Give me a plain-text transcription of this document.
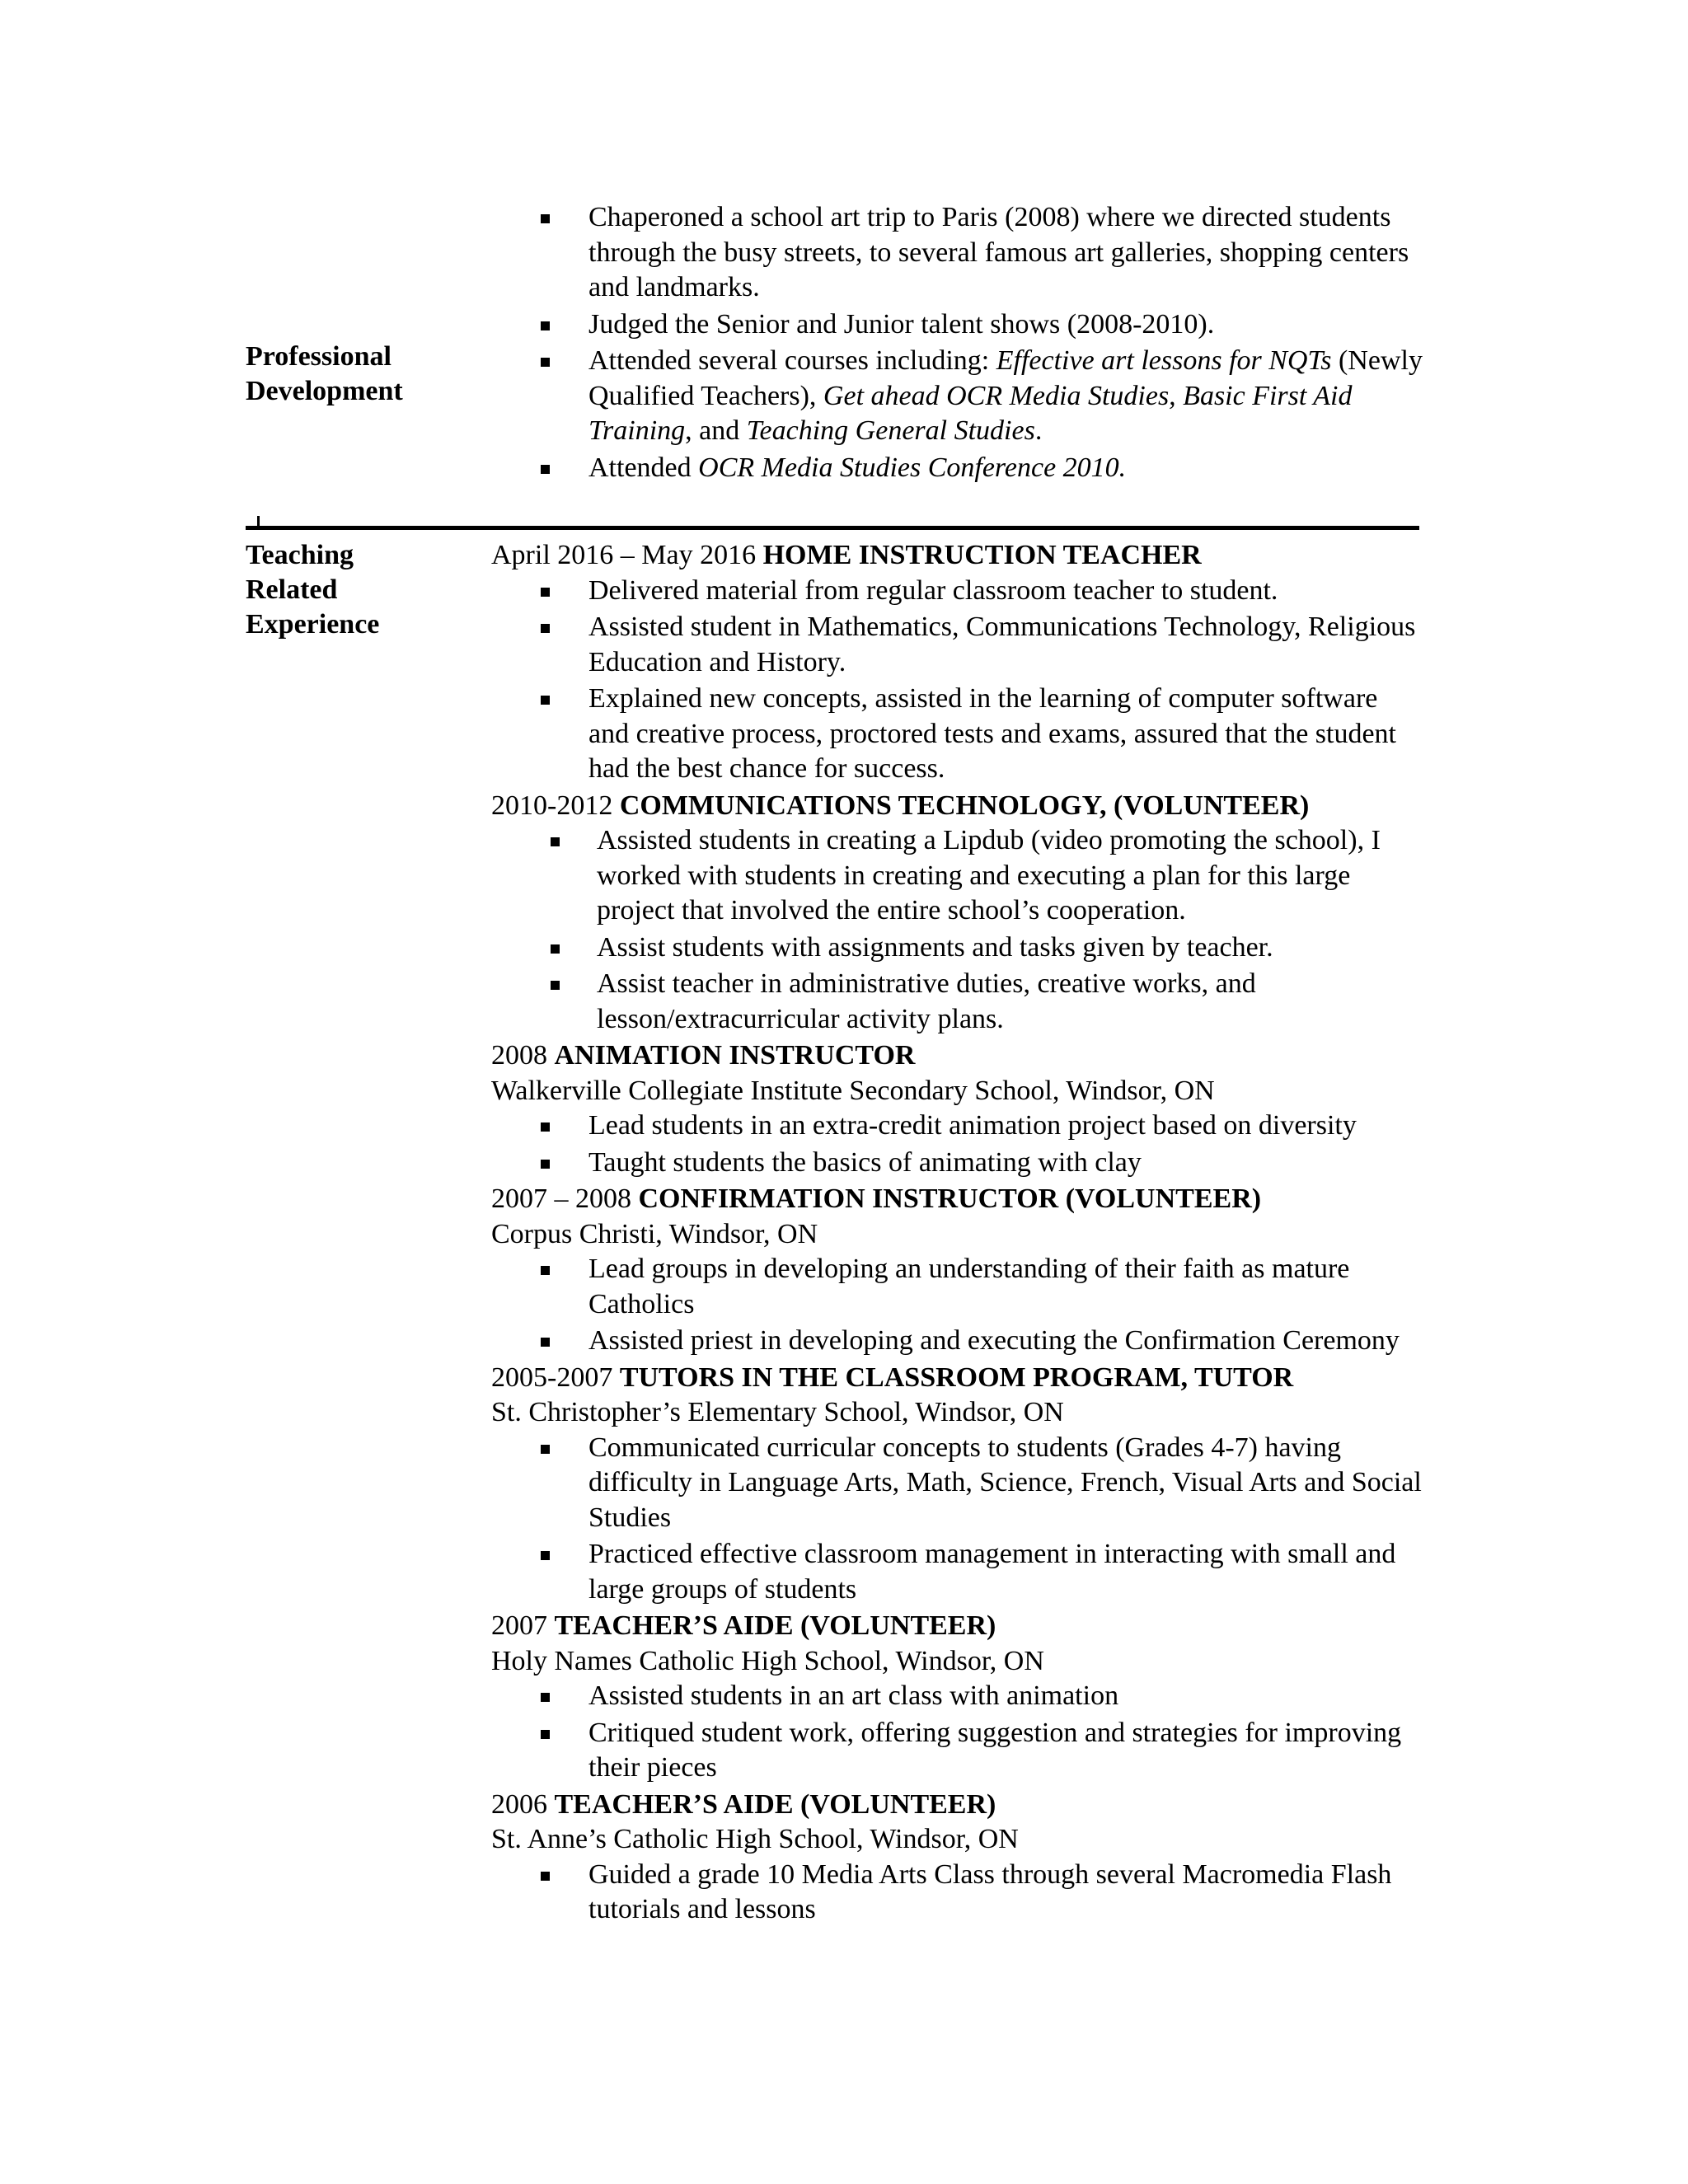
Professional
Development
Chaperoned a school art trip to Paris (2008) where we directed students through the busy streets, to several famous art galleries, shopping centers and landmarks.
Judged the Senior and Junior talent shows (2008-2010).
Attended several courses including: Effective art lessons for NQTs (Newly Qualified Teachers), Get ahead OCR Media Studies, Basic First Aid Training, and Teaching General Studies.
Attended OCR Media Studies Conference 2010.
Teaching
Related
Experience
April 2016 – May 2016 HOME INSTRUCTION TEACHER
Delivered material from regular classroom teacher to student.
Assisted student in Mathematics, Communications Technology, Religious Education and History.
Explained new concepts, assisted in the learning of computer software and creative process, proctored tests and exams, assured that the student had the best chance for success.
2010-2012 COMMUNICATIONS TECHNOLOGY, (VOLUNTEER)
Assisted students in creating a Lipdub (video promoting the school), I worked with students in creating and executing a plan for this large project that involved the entire school’s cooperation.
Assist students with assignments and tasks given by teacher.
Assist teacher in administrative duties, creative works, and lesson/extracurricular activity plans.
2008 ANIMATION INSTRUCTOR
Walkerville Collegiate Institute Secondary School, Windsor, ON
Lead students in an extra-credit animation project based on diversity
Taught students the basics of animating with clay
2007 – 2008 CONFIRMATION INSTRUCTOR (VOLUNTEER)
Corpus Christi, Windsor, ON
Lead groups in developing an understanding of their faith as mature Catholics
Assisted priest in developing and executing the Confirmation Ceremony
2005-2007 TUTORS IN THE CLASSROOM PROGRAM, TUTOR
St. Christopher’s Elementary School, Windsor, ON
Communicated curricular concepts to students (Grades 4-7) having difficulty in Language Arts, Math, Science, French, Visual Arts and Social Studies
Practiced effective classroom management in interacting with small and large groups of students
2007 TEACHER’S AIDE (VOLUNTEER)
Holy Names Catholic High School, Windsor, ON
Assisted students in an art class with animation
Critiqued student work, offering suggestion and strategies for improving their pieces
2006 TEACHER’S AIDE (VOLUNTEER)
St. Anne’s Catholic High School, Windsor, ON
Guided a grade 10 Media Arts Class through several Macromedia Flash tutorials and lessons
